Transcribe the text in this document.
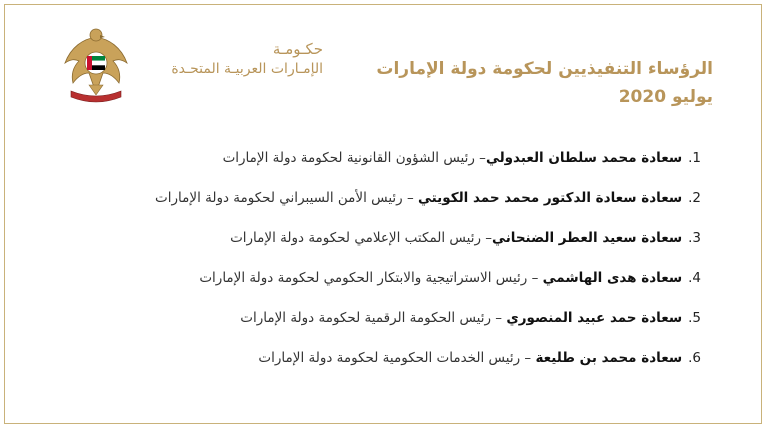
حكـومـة
الإمـارات العربيـة المتحـدة	الرؤساء التنفيذيين لحكومة دولة الإمارات
يوليو 2020
1.سعادة محمد سلطان العبدولي– رئيس الشؤون القانونية لحكومة دولة الإمارات
2.سعادة سعادة الدكتور محمد حمد الكويتي – رئيس الأمن السيبراني لحكومة دولة الإمارات
3.سعادة سعيد العطر الضنحاني– رئيس المكتب الإعلامي لحكومة دولة الإمارات
4.سعادة هدى الهاشمي – رئيس الاستراتيجية والابتكار الحكومي لحكومة دولة الإمارات
5.سعادة حمد عبيد المنصوري – رئيس الحكومة الرقمية لحكومة دولة الإمارات
6.سعادة محمد بن طليعة – رئيس الخدمات الحكومية لحكومة دولة الإمارات
